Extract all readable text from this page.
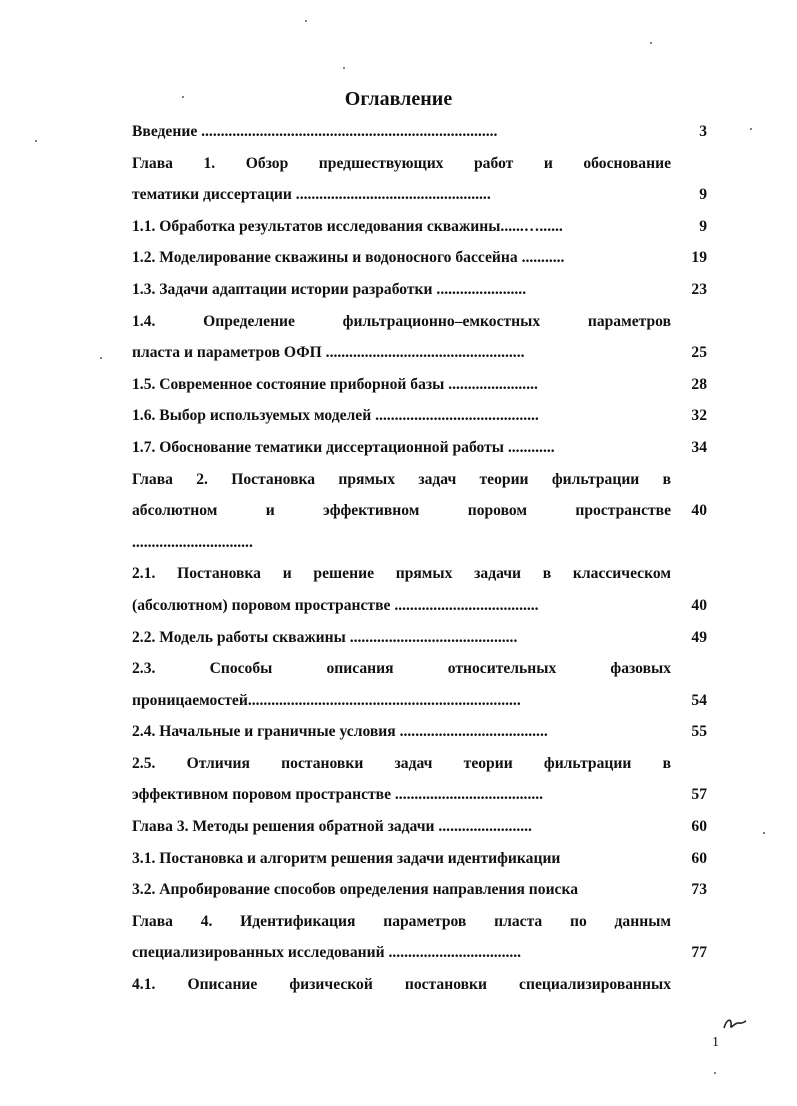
Оглавление
Введение ............................................................................	3
Глава 1. Обзор предшествующих работ и обоснование
тематики диссертации ..................................................	9
1.1. Обработка результатов исследования скважины......…......	9
1.2. Моделирование скважины и водоносного бассейна ...........	19
1.3. Задачи адаптации истории разработки .......................	23
1.4. Определение фильтрационно–емкостных параметров
пласта и параметров ОФП ...................................................	25
1.5. Современное состояние приборной базы .......................	28
1.6. Выбор используемых моделей ..........................................	32
1.7. Обоснование тематики диссертационной работы ............	34
Глава 2. Постановка прямых задач теории фильтрации в
абсолютном и эффективном поровом пространстве	40
...............................
2.1. Постановка и решение прямых задачи в классическом
(абсолютном) поровом пространстве .....................................	40
2.2. Модель работы скважины ...........................................	49
2.3. Способы описания относительных фазовых
проницаемостей......................................................................	54
2.4. Начальные и граничные условия ......................................	55
2.5. Отличия постановки задач теории фильтрации в
эффективном поровом пространстве ......................................	57
Глава 3. Методы решения обратной задачи ........................	60
3.1. Постановка и алгоритм решения задачи идентификации	60
3.2. Апробирование способов определения направления поиска	73
Глава 4. Идентификация параметров пласта по данным
специализированных исследований ..................................	77
4.1. Описание физической постановки специализированных
1
